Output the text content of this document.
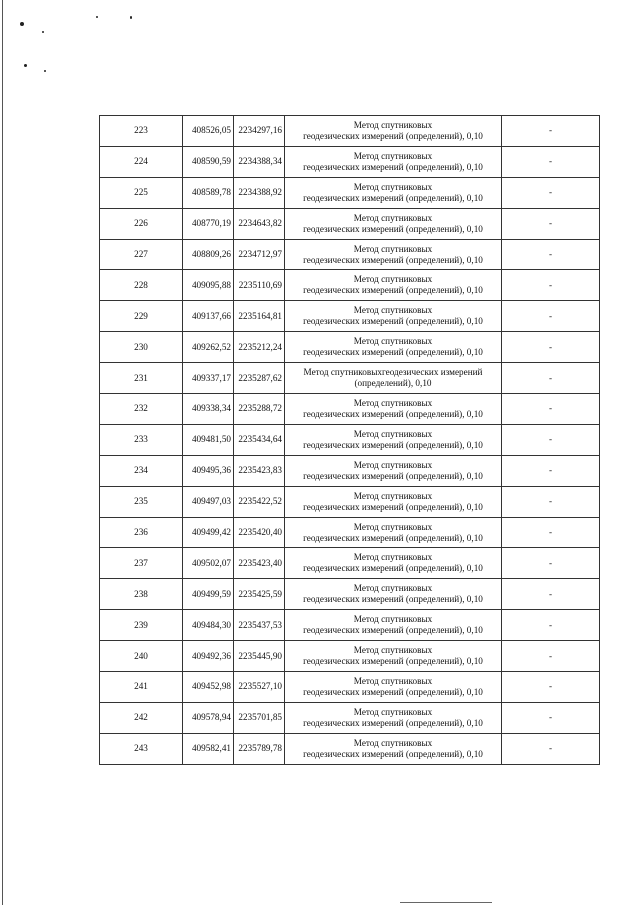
223	408526,05	2234297,16	Метод спутниковых
геодезических измерений (определений), 0,10	-
224	408590,59	2234388,34	Метод спутниковых
геодезических измерений (определений), 0,10	-
225	408589,78	2234388,92	Метод спутниковых
геодезических измерений (определений), 0,10	-
226	408770,19	2234643,82	Метод спутниковых
геодезических измерений (определений), 0,10	-
227	408809,26	2234712,97	Метод спутниковых
геодезических измерений (определений), 0,10	-
228	409095,88	2235110,69	Метод спутниковых
геодезических измерений (определений), 0,10	-
229	409137,66	2235164,81	Метод спутниковых
геодезических измерений (определений), 0,10	-
230	409262,52	2235212,24	Метод спутниковых
геодезических измерений (определений), 0,10	-
231	409337,17	2235287,62	Метод спутниковыхгеодезических измерений
(определений), 0,10	-
232	409338,34	2235288,72	Метод спутниковых
геодезических измерений (определений), 0,10	-
233	409481,50	2235434,64	Метод спутниковых
геодезических измерений (определений), 0,10	-
234	409495,36	2235423,83	Метод спутниковых
геодезических измерений (определений), 0,10	-
235	409497,03	2235422,52	Метод спутниковых
геодезических измерений (определений), 0,10	-
236	409499,42	2235420,40	Метод спутниковых
геодезических измерений (определений), 0,10	-
237	409502,07	2235423,40	Метод спутниковых
геодезических измерений (определений), 0,10	-
238	409499,59	2235425,59	Метод спутниковых
геодезических измерений (определений), 0,10	-
239	409484,30	2235437,53	Метод спутниковых
геодезических измерений (определений), 0,10	-
240	409492,36	2235445,90	Метод спутниковых
геодезических измерений (определений), 0,10	-
241	409452,98	2235527,10	Метод спутниковых
геодезических измерений (определений), 0,10	-
242	409578,94	2235701,85	Метод спутниковых
геодезических измерений (определений), 0,10	-
243	409582,41	2235789,78	Метод спутниковых
геодезических измерений (определений), 0,10	-
